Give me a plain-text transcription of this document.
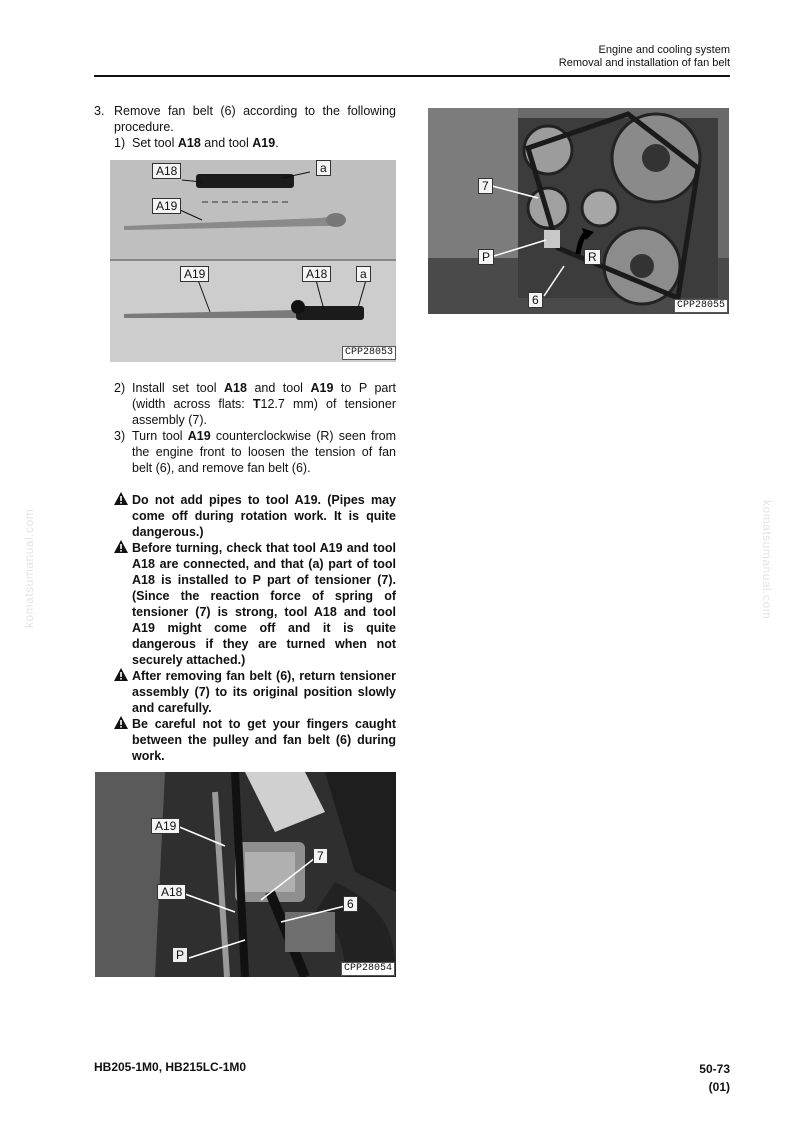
Engine and cooling system
Removal and installation of fan belt
komatsumanual.com	komatsumanual.com
3. Remove fan belt (6) according to the following procedure.
1) Set tool A18 and tool A19.
A18	a
A19
A19	A18	a
CPP28053
2) Install set tool A18 and tool A19 to P part (width across flats: T12.7 mm) of tensioner assembly (7).
3) Turn tool A19 counterclockwise (R) seen from the engine front to loosen the tension of fan belt (6), and remove fan belt (6).
Do not add pipes to tool A19. (Pipes may come off during rotation work. It is quite dangerous.)
Before turning, check that tool A19 and tool A18 are connected, and that (a) part of tool A18 is installed to P part of tensioner (7). (Since the reaction force of spring of tensioner (7) is strong, tool A18 and tool A19 might come off and it is quite dangerous if they are turned when not securely attached.)
After removing fan belt (6), return tensioner assembly (7) to its original position slowly and carefully.
Be careful not to get your fingers caught between the pulley and fan belt (6) during work.
A19
7
A18
6
P
CPP28054
7
P	R
6	CPP28055
HB205-1M0, HB215LC-1M0	50-73
(01)
